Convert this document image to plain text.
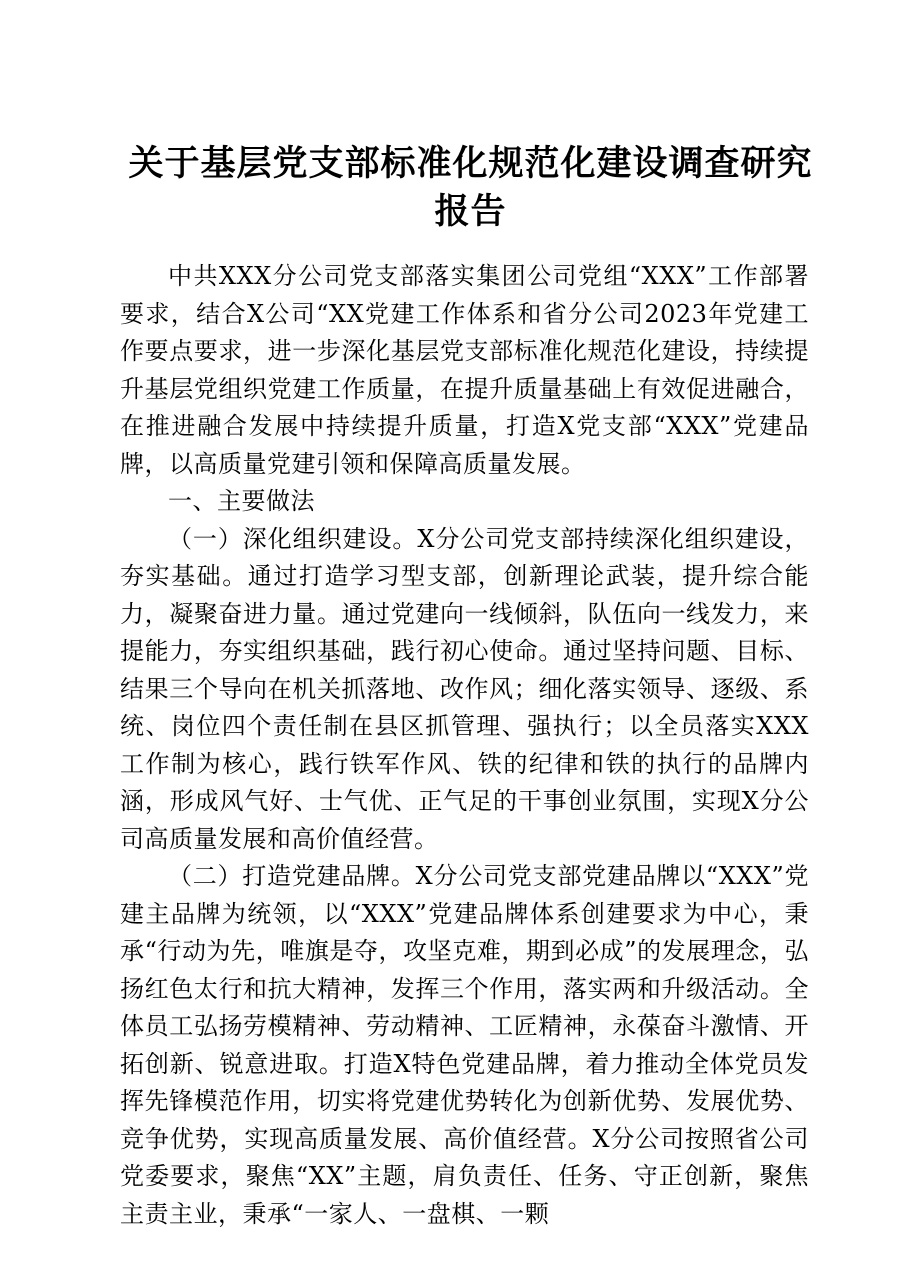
关于基层党支部标准化规范化建设调查研究报告

中共XXX分公司党支部落实集团公司党组“XXX”工作部署要求，结合X公司“XX党建工作体系和省分公司2023年党建工作要点要求，进一步深化基层党支部标准化规范化建设，持续提升基层党组织党建工作质量，在提升质量基础上有效促进融合，在推进融合发展中持续提升质量，打造X党支部“XXX”党建品牌，以高质量党建引领和保障高质量发展。

一、主要做法

（一）深化组织建设。X分公司党支部持续深化组织建设，夯实基础。通过打造学习型支部，创新理论武装，提升综合能力，凝聚奋进力量。通过党建向一线倾斜，队伍向一线发力，来提能力，夯实组织基础，践行初心使命。通过坚持问题、目标、结果三个导向在机关抓落地、改作风；细化落实领导、逐级、系统、岗位四个责任制在县区抓管理、强执行；以全员落实XXX工作制为核心，践行铁军作风、铁的纪律和铁的执行的品牌内涵，形成风气好、士气优、正气足的干事创业氛围，实现X分公司高质量发展和高价值经营。

（二）打造党建品牌。X分公司党支部党建品牌以“XXX”党建主品牌为统领，以“XXX”党建品牌体系创建要求为中心，秉承“行动为先，唯旗是夺，攻坚克难，期到必成”的发展理念，弘扬红色太行和抗大精神，发挥三个作用，落实两和升级活动。全体员工弘扬劳模精神、劳动精神、工匠精神，永葆奋斗激情、开拓创新、锐意进取。打造X特色党建品牌，着力推动全体党员发挥先锋模范作用，切实将党建优势转化为创新优势、发展优势、竞争优势，实现高质量发展、高价值经营。X分公司按照省公司党委要求，聚焦“XX”主题，肩负责任、任务、守正创新，聚焦主责主业，秉承“一家人、一盘棋、一颗
